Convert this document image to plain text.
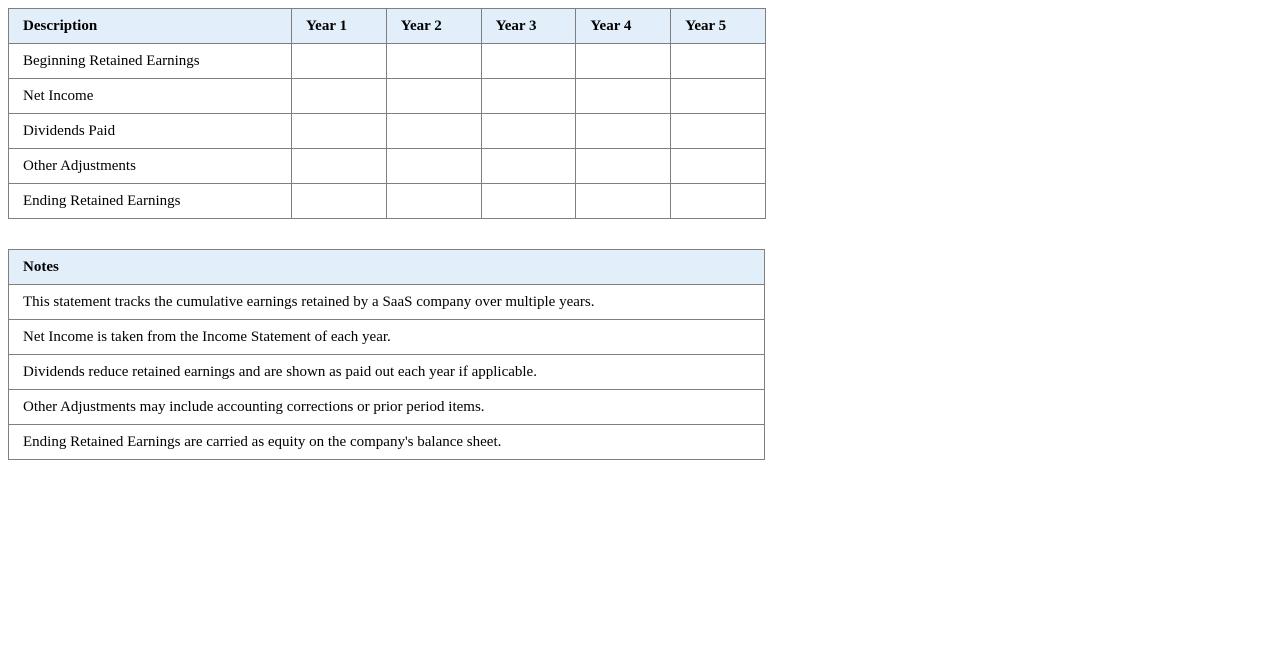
Description	Year 1	Year 2	Year 3	Year 4	Year 5
Beginning Retained Earnings					
Net Income					
Dividends Paid					
Other Adjustments					
Ending Retained Earnings					
Notes
This statement tracks the cumulative earnings retained by a SaaS company over multiple years.
Net Income is taken from the Income Statement of each year.
Dividends reduce retained earnings and are shown as paid out each year if applicable.
Other Adjustments may include accounting corrections or prior period items.
Ending Retained Earnings are carried as equity on the company's balance sheet.
